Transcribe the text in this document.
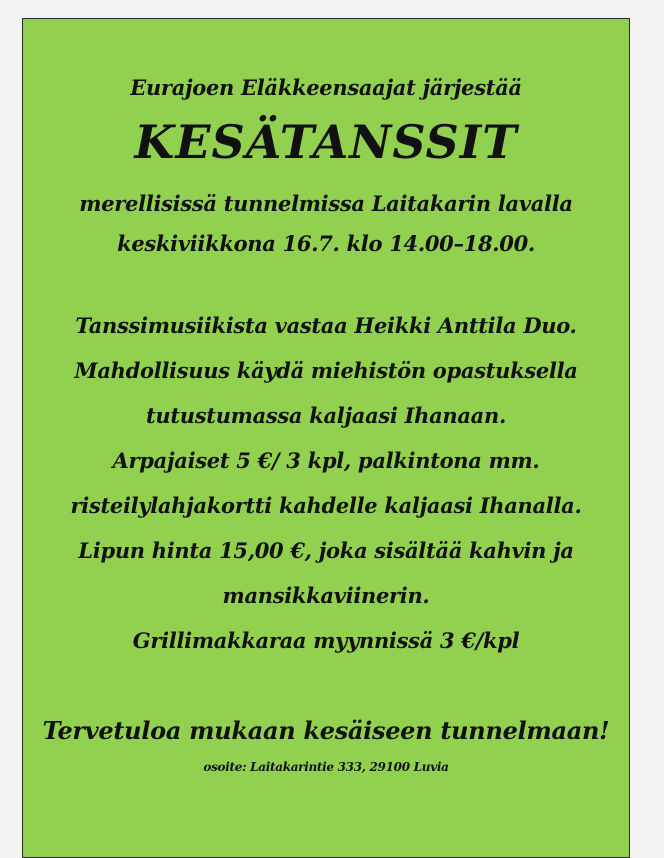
Eurajoen Eläkkeensaajat järjestää
KESÄTANSSIT
merellisissä tunnelmissa Laitakarin lavalla
keskiviikkona 16.7. klo 14.00–18.00.
Tanssimusiikista vastaa Heikki Anttila Duo.
Mahdollisuus käydä miehistön opastuksella
tutustumassa kaljaasi Ihanaan.
Arpajaiset 5 €/ 3 kpl, palkintona mm.
risteilylahjakortti kahdelle kaljaasi Ihanalla.
Lipun hinta 15,00 €, joka sisältää kahvin ja
mansikkaviinerin.
Grillimakkaraa myynnissä 3 €/kpl
Tervetuloa mukaan kesäiseen tunnelmaan!
osoite: Laitakarintie 333, 29100 Luvia
